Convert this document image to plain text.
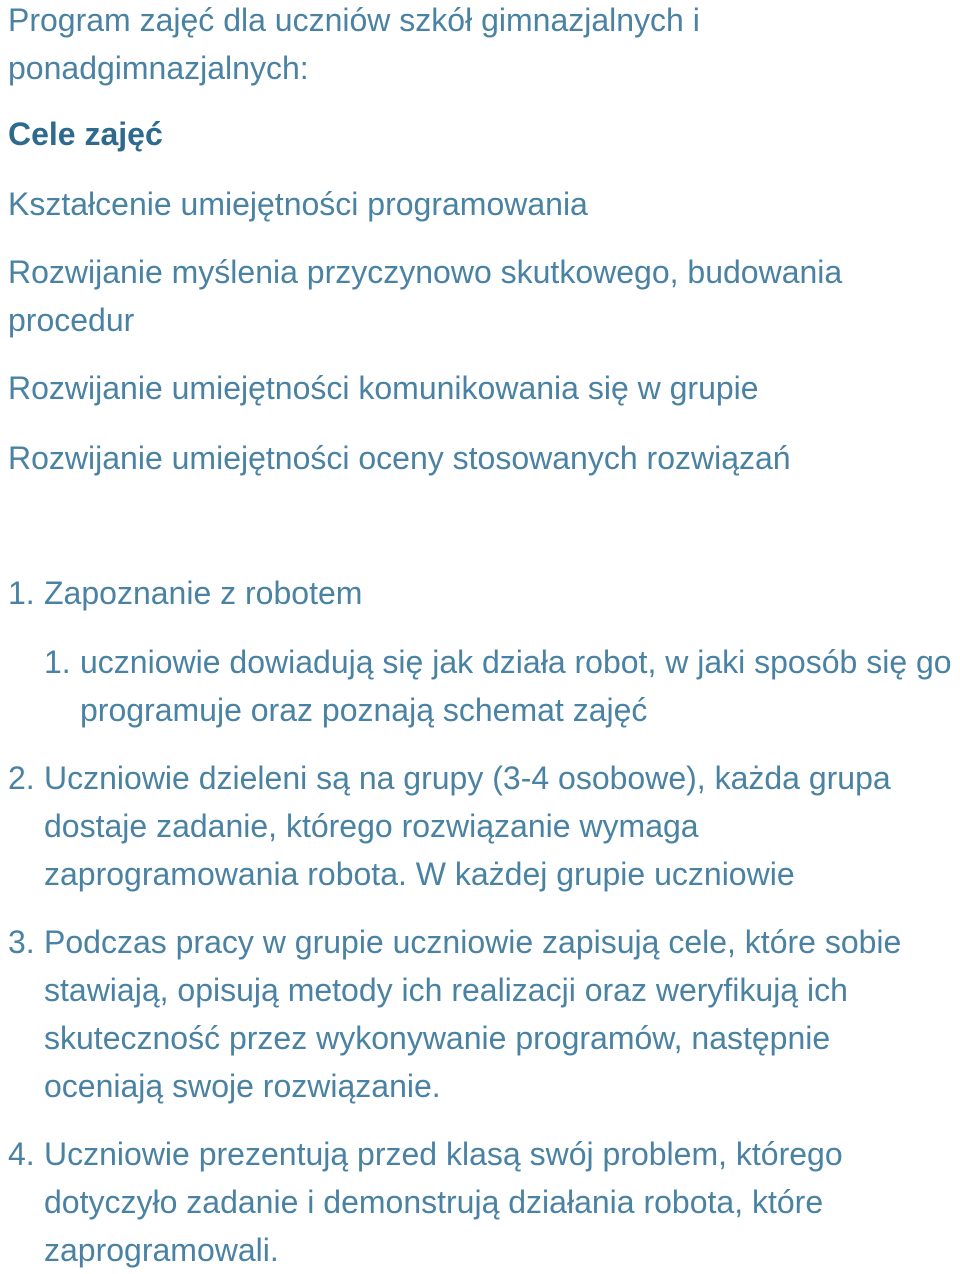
Program zajęć dla uczniów szkół gimnazjalnych i ponadgimnazjalnych:

Cele zajęć

Kształcenie umiejętności programowania

Rozwijanie myślenia przyczynowo skutkowego, budowania procedur

Rozwijanie umiejętności komunikowania się w grupie

Rozwijanie umiejętności oceny stosowanych rozwiązań

1. Zapoznanie z robotem
1. uczniowie dowiadują się jak działa robot, w jaki sposób się go programuje oraz poznają schemat zajęć
2. Uczniowie dzieleni są na grupy (3-4 osobowe), każda grupa dostaje zadanie, którego rozwiązanie wymaga zaprogramowania robota. W każdej grupie uczniowie
3. Podczas pracy w grupie uczniowie zapisują cele, które sobie stawiają, opisują metody ich realizacji oraz weryfikują ich skuteczność przez wykonywanie programów, następnie oceniają swoje rozwiązanie.
4. Uczniowie prezentują przed klasą swój problem, którego dotyczyło zadanie i demonstrują działania robota, które zaprogramowali.
